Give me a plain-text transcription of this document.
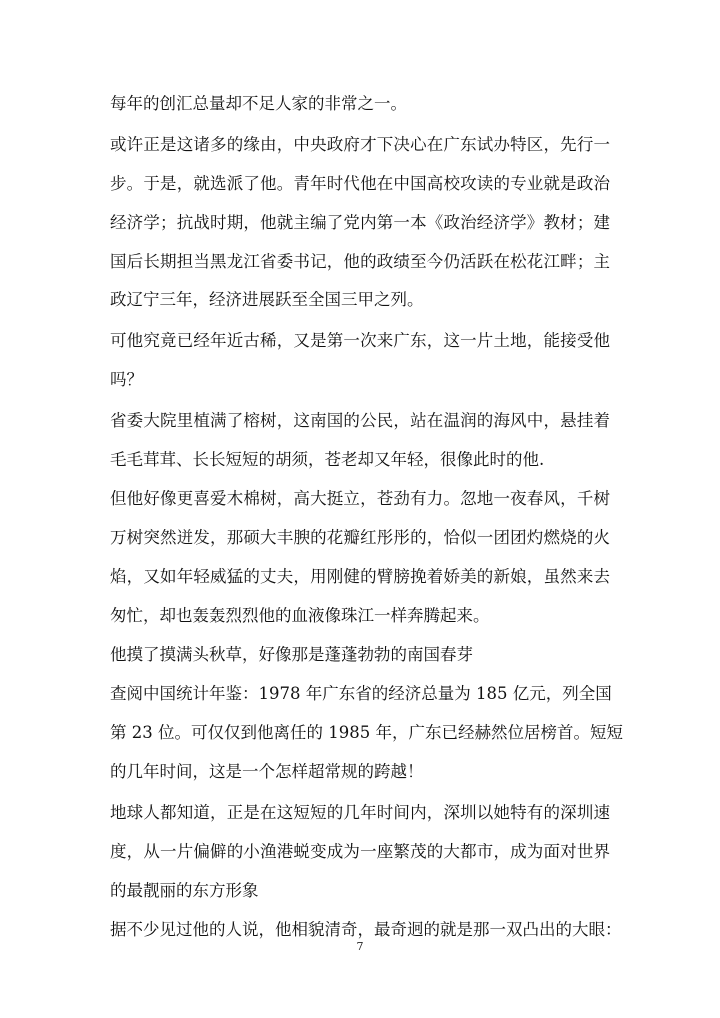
每年的创汇总量却不足人家的非常之一。
或许正是这诸多的缘由，中央政府才下决心在广东试办特区，先行一
步。于是，就选派了他。青年时代他在中国高校攻读的专业就是政治
经济学；抗战时期，他就主编了党内第一本《政治经济学》教材；建
国后长期担当黑龙江省委书记，他的政绩至今仍活跃在松花江畔；主
政辽宁三年，经济进展跃至全国三甲之列。
可他究竟已经年近古稀，又是第一次来广东，这一片土地，能接受他
吗？
省委大院里植满了榕树，这南国的公民，站在温润的海风中，悬挂着
毛毛茸茸、长长短短的胡须，苍老却又年轻，很像此时的他.
但他好像更喜爱木棉树，高大挺立，苍劲有力。忽地一夜春风，千树
万树突然迸发，那硕大丰腴的花瓣红彤彤的，恰似一团团灼燃烧的火
焰，又如年轻威猛的丈夫，用刚健的臂膀挽着娇美的新娘，虽然来去
匆忙，却也轰轰烈烈他的血液像珠江一样奔腾起来。
他摸了摸满头秋草，好像那是蓬蓬勃勃的南国春芽
查阅中国统计年鉴：1978 年广东省的经济总量为 185 亿元，列全国
第 23 位。可仅仅到他离任的 1985 年，广东已经赫然位居榜首。短短
的几年时间，这是一个怎样超常规的跨越！
地球人都知道，正是在这短短的几年时间内，深圳以她特有的深圳速
度，从一片偏僻的小渔港蜕变成为一座繁茂的大都市，成为面对世界
的最靓丽的东方形象
据不少见过他的人说，他相貌清奇，最奇迥的就是那一双凸出的大眼：
7
